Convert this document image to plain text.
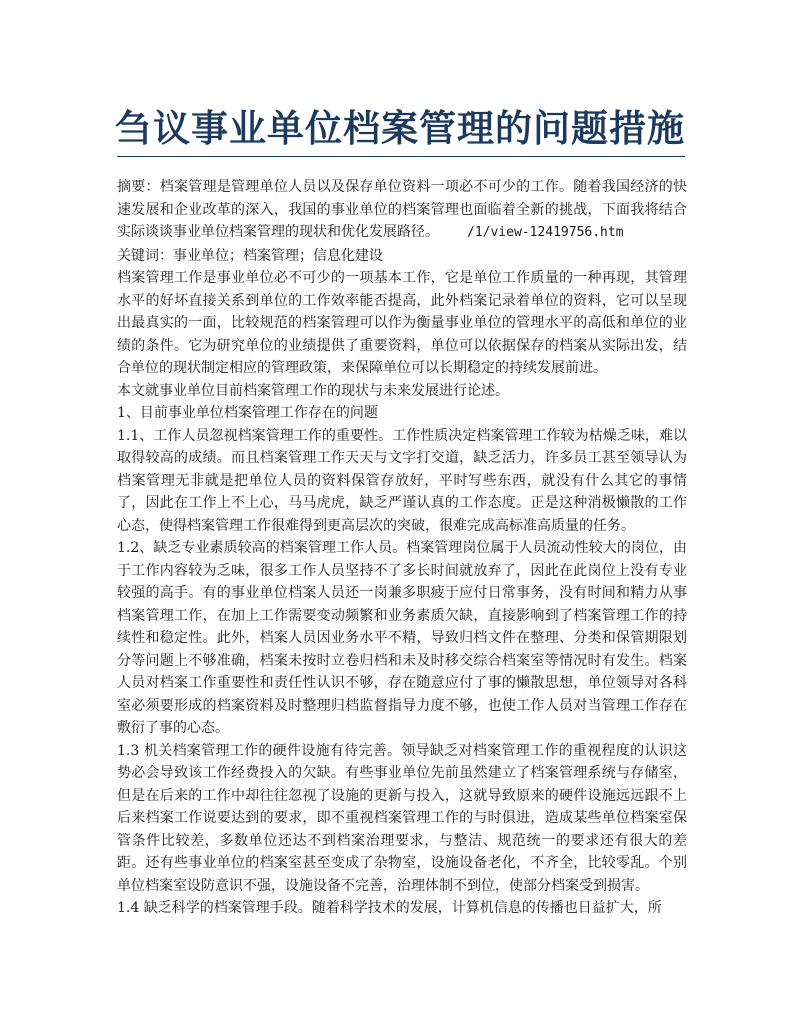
刍议事业单位档案管理的问题措施

摘要：档案管理是管理单位人员以及保存单位资料一项必不可少的工作。随着我国经济的快速发展和企业改革的深入，我国的事业单位的档案管理也面临着全新的挑战，下面我将结合实际谈谈事业单位档案管理的现状和优化发展路径。 /1/view-12419756.htm

关键词：事业单位；档案管理；信息化建设

档案管理工作是事业单位必不可少的一项基本工作，它是单位工作质量的一种再现，其管理水平的好坏直接关系到单位的工作效率能否提高，此外档案记录着单位的资料，它可以呈现出最真实的一面，比较规范的档案管理可以作为衡量事业单位的管理水平的高低和单位的业绩的条件。它为研究单位的业绩提供了重要资料，单位可以依据保存的档案从实际出发，结合单位的现状制定相应的管理政策，来保障单位可以长期稳定的持续发展前进。

本文就事业单位目前档案管理工作的现状与未来发展进行论述。

1、目前事业单位档案管理工作存在的问题

1.1、工作人员忽视档案管理工作的重要性。工作性质决定档案管理工作较为枯燥乏味，难以取得较高的成绩。而且档案管理工作天天与文字打交道，缺乏活力，许多员工甚至领导认为档案管理无非就是把单位人员的资料保管存放好，平时写些东西，就没有什么其它的事情了，因此在工作上不上心，马马虎虎，缺乏严谨认真的工作态度。正是这种消极懒散的工作心态，使得档案管理工作很难得到更高层次的突破，很难完成高标准高质量的任务。

1.2、缺乏专业素质较高的档案管理工作人员。档案管理岗位属于人员流动性较大的岗位，由于工作内容较为乏味，很多工作人员坚持不了多长时间就放弃了，因此在此岗位上没有专业较强的高手。有的事业单位档案人员还一岗兼多职疲于应付日常事务，没有时间和精力从事档案管理工作，在加上工作需要变动频繁和业务素质欠缺，直接影响到了档案管理工作的持续性和稳定性。此外，档案人员因业务水平不精，导致归档文件在整理、分类和保管期限划分等问题上不够准确，档案未按时立卷归档和未及时移交综合档案室等情况时有发生。档案人员对档案工作重要性和责任性认识不够，存在随意应付了事的懒散思想，单位领导对各科室必须要形成的档案资料及时整理归档监督指导力度不够，也使工作人员对当管理工作存在敷衍了事的心态。

1.3 机关档案管理工作的硬件设施有待完善。领导缺乏对档案管理工作的重视程度的认识这势必会导致该工作经费投入的欠缺。有些事业单位先前虽然建立了档案管理系统与存储室，但是在后来的工作中却往往忽视了设施的更新与投入，这就导致原来的硬件设施远远跟不上后来档案工作说要达到的要求，即不重视档案管理工作的与时俱进，造成某些单位档案室保管条件比较差，多数单位还达不到档案治理要求，与整洁、规范统一的要求还有很大的差距。还有些事业单位的档案室甚至变成了杂物室，设施设备老化，不齐全，比较零乱。个别单位档案室设防意识不强，设施设备不完善，治理体制不到位，使部分档案受到损害。

1.4 缺乏科学的档案管理手段。随着科学技术的发展，计算机信息的传播也日益扩大，所
